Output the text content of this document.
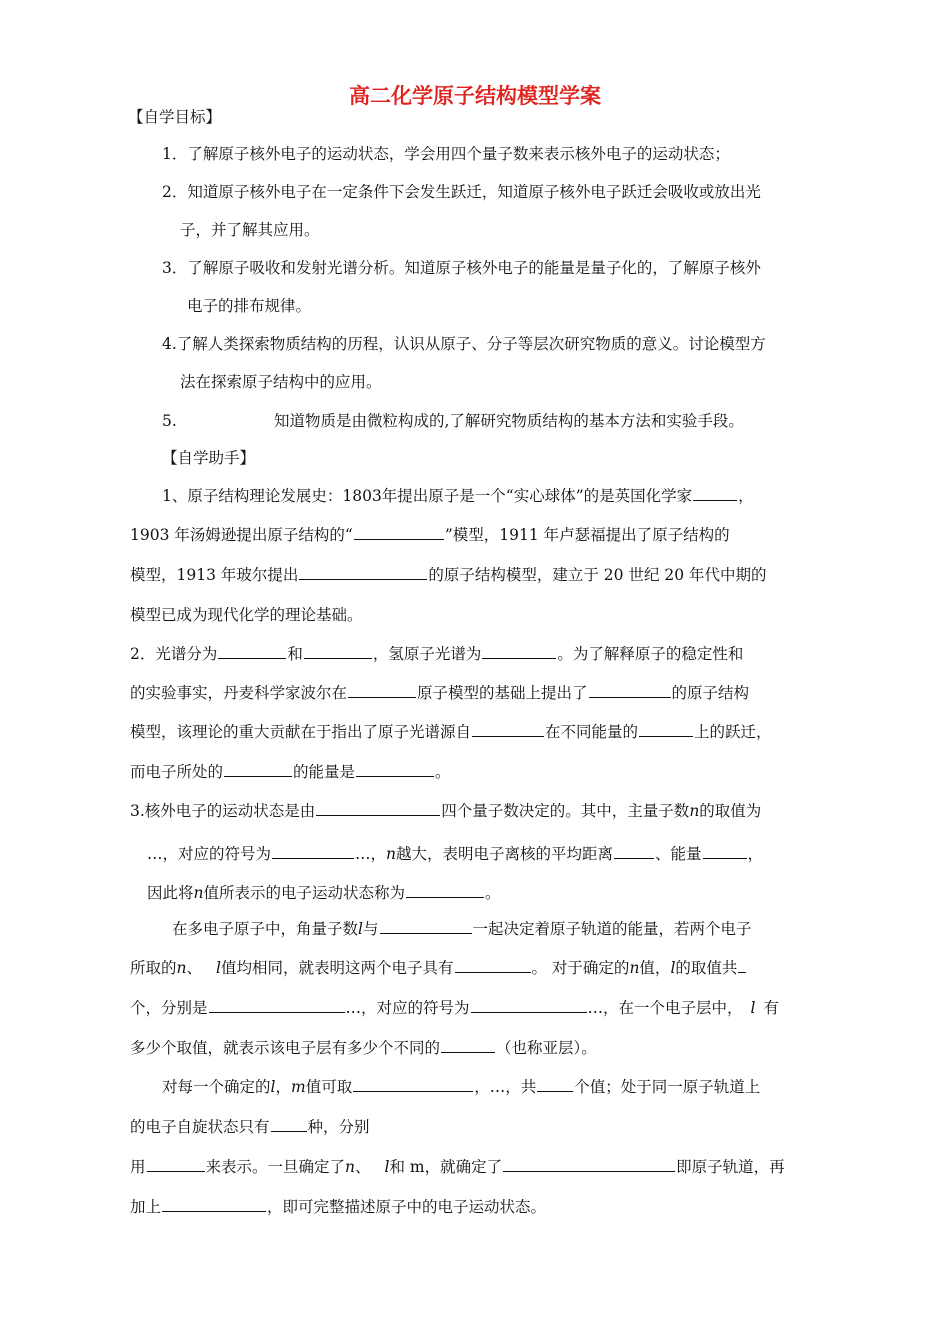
高二化学原子结构模型学案
【自学目标】
1．了解原子核外电子的运动状态，学会用四个量子数来表示核外电子的运动状态；
2．知道原子核外电子在一定条件下会发生跃迁，知道原子核外电子跃迁会吸收或放出光
子，并了解其应用。
3．了解原子吸收和发射光谱分析。知道原子核外电子的能量是量子化的，了解原子核外
电子的排布规律。
4.了解人类探索物质结构的历程，认识从原子、分子等层次研究物质的意义。讨论模型方
法在探索原子结构中的应用。
5.	知道物质是由微粒构成的,了解研究物质结构的基本方法和实验手段。
【自学助手】
1、原子结构理论发展史：1803年提出原子是一个“实心球体”的是英国化学家	，
1903 年汤姆逊提出原子结构的“	”模型，1911 年卢瑟福提出了原子结构的
模型，1913 年玻尔提出	的原子结构模型，建立于 20 世纪 20 年代中期的
模型已成为现代化学的理论基础。
2．光谱分为	和	，氢原子光谱为	。为了解释原子的稳定性和
的实验事实，丹麦科学家波尔在	原子模型的基础上提出了	的原子结构
模型，该理论的重大贡献在于指出了原子光谱源自	在不同能量的	上的跃迁，
而电子所处的	的能量是	。
3.核外电子的运动状态是由	四个量子数决定的。其中，主量子数n的取值为
…，对应的符号为	…，n越大，表明电子离核的平均距离	、能量	，
因此将n值所表示的电子运动状态称为	。
在多电子原子中，角量子数l与	一起决定着原子轨道的能量，若两个电子
所取的n、 l值均相同，就表明这两个电子具有	。 对于确定的n值，l的取值共
个，分别是	…，对应的符号为	…，在一个电子层中， l 有
多少个取值，就表示该电子层有多少个不同的	（也称亚层）。
对每一个确定的l，m值可取	，…，共 个值；处于同一原子轨道上
的电子自旋状态只有 种，分别
用	来表示。一旦确定了n、 l和 m，就确定了	即原子轨道，再
加上	，即可完整描述原子中的电子运动状态。
